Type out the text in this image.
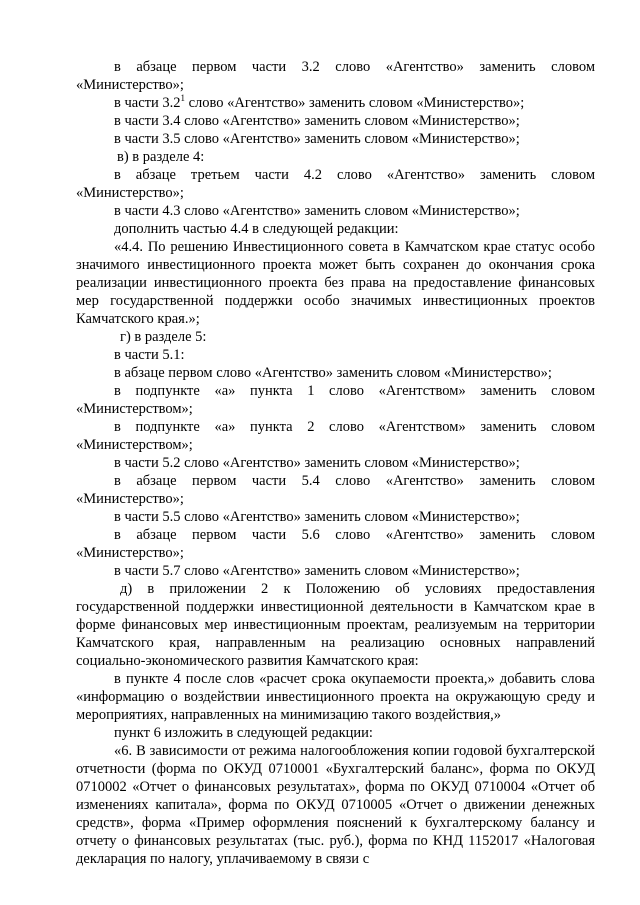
в абзаце первом части 3.2 слово «Агентство» заменить словом «Министерство»;

в части $3.2^1$ слово «Агентство» заменить словом «Министерство»;

в части 3.4 слово «Агентство» заменить словом «Министерство»;

в части 3.5 слово «Агентство» заменить словом «Министерство»;

в) в разделе 4:

в абзаце третьем части 4.2 слово «Агентство» заменить словом «Министерство»;

в части 4.3 слово «Агентство» заменить словом «Министерство»;

дополнить частью 4.4 в следующей редакции:

«4.4. По решению Инвестиционного совета в Камчатском крае статус особо значимого инвестиционного проекта может быть сохранен до окончания срока реализации инвестиционного проекта без права на предоставление финансовых мер государственной поддержки особо значимых инвестиционных проектов Камчатского края.»;

г) в разделе 5:

в части 5.1:

в абзаце первом слово «Агентство» заменить словом «Министерство»;

в подпункте «а» пункта 1 слово «Агентством» заменить словом «Министерством»;

в подпункте «а» пункта 2 слово «Агентством» заменить словом «Министерством»;

в части 5.2 слово «Агентство» заменить словом «Министерство»;

в абзаце первом части 5.4 слово «Агентство» заменить словом «Министерство»;

в части 5.5 слово «Агентство» заменить словом «Министерство»;

в абзаце первом части 5.6 слово «Агентство» заменить словом «Министерство»;

в части 5.7 слово «Агентство» заменить словом «Министерство»;

д) в приложении 2 к Положению об условиях предоставления государственной поддержки инвестиционной деятельности в Камчатском крае в форме финансовых мер инвестиционным проектам, реализуемым на территории Камчатского края, направленным на реализацию основных направлений социально-экономического развития Камчатского края:

в пункте 4 после слов «расчет срока окупаемости проекта,» добавить слова «информацию о воздействии инвестиционного проекта на окружающую среду и мероприятиях, направленных на минимизацию такого воздействия,»

пункт 6 изложить в следующей редакции:

«6. В зависимости от режима налогообложения копии годовой бухгалтерской отчетности (форма по ОКУД 0710001 «Бухгалтерский баланс», форма по ОКУД 0710002 «Отчет о финансовых результатах», форма по ОКУД 0710004 «Отчет об изменениях капитала», форма по ОКУД 0710005 «Отчет о движении денежных средств», форма «Пример оформления пояснений к бухгалтерскому балансу и отчету о финансовых результатах (тыс. руб.), форма по КНД 1152017 «Налоговая декларация по налогу, уплачиваемому в связи с
